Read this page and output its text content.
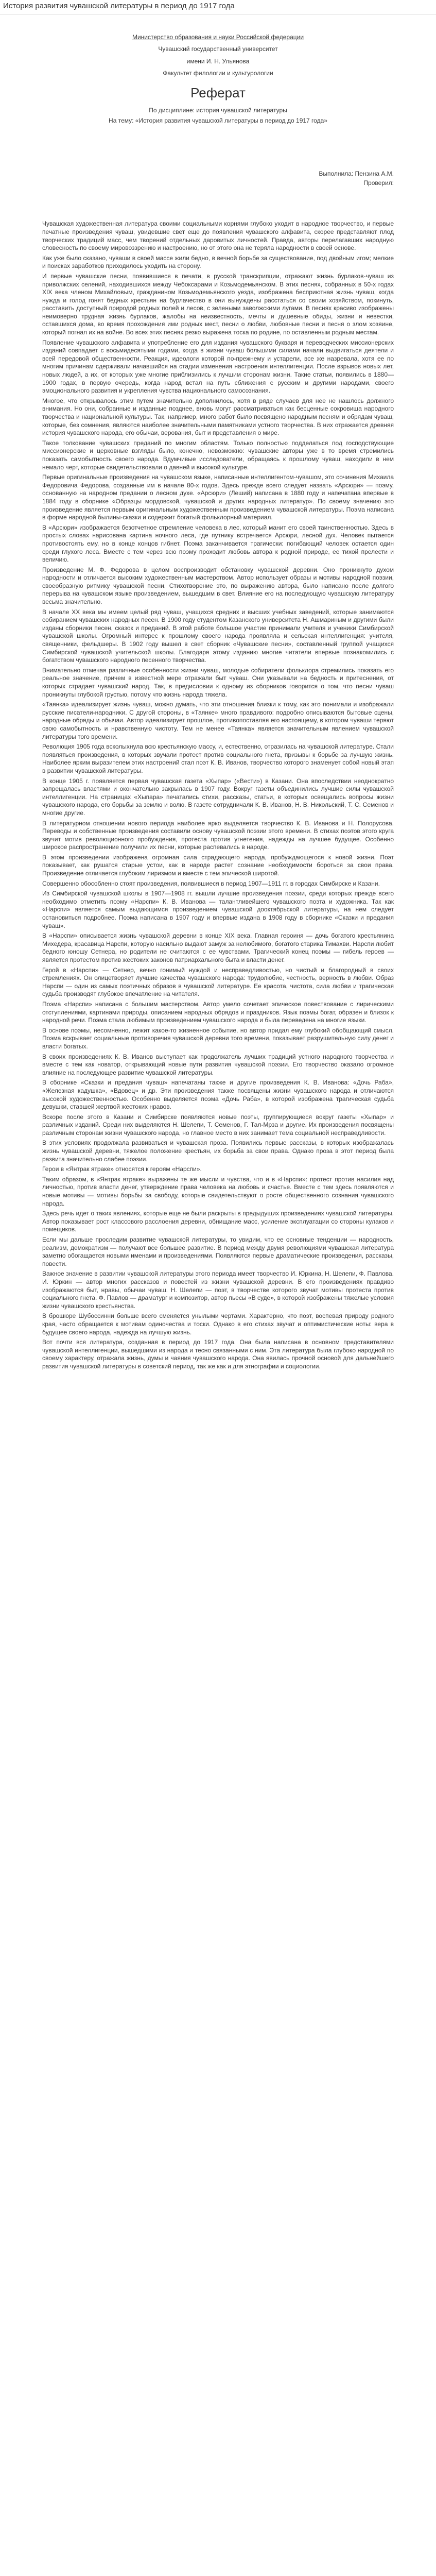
История развития чувашской литературы в период до 1917 года
Министерство образования и науки Российской федерации
Чувашский государственный университет
имени И. Н. Ульянова
Факультет филологии и культурологии
Реферат
По дисциплине: история чувашской литературы
На тему: «История развития чувашской литературы в период до 1917 года»
Выполнила: Пензина А.М.
Проверил:

Чувашская художественная литература своими социальными корнями глубоко уходит в народное творчество, и первые печатные произведения чуваш, увидевшие свет еще до появления чувашского алфавита, скорее представляют плод творческих традиций масс, чем творений отдельных даровитых личностей. Правда, авторы перелагавших народную словесность по своему мировоззрению и настроению, но от этого она не теряла народности в своей основе.

Как уже было сказано, чуваши в своей массе жили бедно, в вечной борьбе за существование, под двойным игом; мелкие и поисках заработков приходилось уходить на сторону.

И первые чувашские песни, появившиеся в печати, в русской транскрипции, отражают жизнь бурлаков-чуваш из приволжских селений, находившихся между Чебоксарами и Козьмодемьянском. В этих песнях, собранных в 50-х годах XIX века членом Михайловым, гражданином Козьмодемьянского уезда, изображена бесприютная жизнь чуваш, когда нужда и голод гонят бедных крестьян на бурлачество в они вынуждены расстаться со своим хозяйством, покинуть, расставить доступный природой родных полей и лесов, с зелеными заволжскими лугами. В песнях красиво изображены неимоверно трудная жизнь бурлаков, жалобы на неизвестность, мечты и душевные обиды, жизни и невестки, оставшихся дома, во время прохождения ими родных мест, песни о любви, любовные песни и песня о злом хозяине, который погнал их на войне. Во всех этих песнях резко выражена тоска по родине, по оставленным родным местам.

Появление чувашского алфавита и употребление его для издания чувашского букваря и переводческих миссионерских изданий совпадает с восьмидесятыми годами, когда в жизни чуваш большими силами начали выдвигаться деятели и всей передовой общественности. Реакция, идеологи которой по-прежнему и устарели, все же назревала, хотя ее по многим причинам сдерживали начавшийся на стадии изменения настроения интеллигенции. После взрывов новых лет, новых людей, а их, от которых уже многие приблизились к лучшим сторонам жизни. Такие статьи, появились в 1880—1900 годах, в первую очередь, когда народ встал на путь сближения с русским и другими народами, своего эмоционального развития и укрепления чувства национального самосознания.

Многое, что открывалось этим путем значительно дополнилось, хотя в ряде случаев для нее не нашлось должного внимания. Но они, собранные и изданные позднее, вновь могут рассматриваться как бесценные сокровища народного творчества и национальной культуры. Так, например, много работ было посвящено народным песням и обрядам чуваш, которые, без сомнения, являются наиболее значительными памятниками устного творчества. В них отражается древняя история чувашского народа, его обычаи, верования, быт и представления о мире.

Такое толкование чувашских преданий по многим областям. Только полностью подделаться под господствующие миссионерские и церковные взгляды было, конечно, невозможно: чувашские авторы уже в то время стремились показать самобытность своего народа. Вдумчивые исследователи, обращаясь к прошлому чуваш, находили в нем немало черт, которые свидетельствовали о давней и высокой культуре.

Первые оригинальные произведения на чувашском языке, написанные интеллигентом-чувашом, это сочинения Михаила Федоровича Федорова, созданные им в начале 80-х годов. Здесь прежде всего следует назвать «Арсюри» — поэму, основанную на народном предании о лесном духе. «Арсюри» (Леший) написана в 1880 году и напечатана впервые в 1884 году в сборнике «Образцы мордовской, чувашской и других народных литератур». По своему значению это произведение является первым оригинальным художественным произведением чувашской литературы. Поэма написана в форме народной былины-сказки и содержит богатый фольклорный материал.

В «Арсюри» изображается безотчетное стремление человека в лес, который манит его своей таинственностью. Здесь в простых словах нарисована картина ночного леса, где путнику встречается Арсюри, лесной дух. Человек пытается противостоять ему, но в конце концов гибнет. Поэма заканчивается трагически: погибающий человек остается один среди глухого леса. Вместе с тем через всю поэму проходит любовь автора к родной природе, ее тихой прелести и величию.

Произведение М. Ф. Федорова в целом воспроизводит обстановку чувашской деревни. Оно проникнуто духом народности и отличается высоким художественным мастерством. Автор использует образы и мотивы народной поэзии, своеобразную ритмику чувашской песни. Стихотворение это, по выражению автора, было написано после долгого перерыва на чувашском языке произведением, вышедшим в свет. Влияние его на последующую чувашскую литературу весьма значительно.

В начале XX века мы имеем целый ряд чуваш, учащихся средних и высших учебных заведений, которые занимаются собиранием чувашских народных песен. В 1900 году студентом Казанского университета Н. Ашмариным и другими были изданы сборники песен, сказок и преданий. В этой работе большое участие принимали учителя и ученики Симбирской чувашской школы. Огромный интерес к прошлому своего народа проявляла и сельская интеллигенция: учителя, священники, фельдшеры. В 1902 году вышел в свет сборник «Чувашские песни», составленный группой учащихся Симбирской чувашской учительской школы. Благодаря этому изданию многие читатели впервые познакомились с богатством чувашского народного песенного творчества.

Внимательно отмечая различные особенности жизни чуваш, молодые собиратели фольклора стремились показать его реальное значение, причем в известной мере отражали быт чуваш. Они указывали на бедность и притеснения, от которых страдает чувашский народ. Так, в предисловии к одному из сборников говорится о том, что песни чуваш проникнуты глубокой грустью, потому что жизнь народа тяжела.

«Таянка» идеализирует жизнь чуваш, можно думать, что эти отношения близки к тому, как это понимали и изображали русские писатели-народники. С другой стороны, в «Таянке» много правдивого: подробно описываются бытовые сцены, народные обряды и обычаи. Автор идеализирует прошлое, противопоставляя его настоящему, в котором чуваши теряют свою самобытность и нравственную чистоту. Тем не менее «Таянка» является значительным явлением чувашской литературы того времени.

Революция 1905 года всколыхнула всю крестьянскую массу, и, естественно, отразилась на чувашской литературе. Стали появляться произведения, в которых звучали протест против социального гнета, призывы к борьбе за лучшую жизнь. Наиболее ярким выразителем этих настроений стал поэт К. В. Иванов, творчество которого знаменует собой новый этап в развитии чувашской литературы.

В конце 1905 г. появляется первая чувашская газета «Хыпар» («Вести») в Казани. Она впоследствии неоднократно запрещалась властями и окончательно закрылась в 1907 году. Вокруг газеты объединились лучшие силы чувашской интеллигенции. На страницах «Хыпара» печатались стихи, рассказы, статьи, в которых освещались вопросы жизни чувашского народа, его борьбы за землю и волю. В газете сотрудничали К. В. Иванов, Н. В. Никольский, Т. С. Семенов и многие другие.

В литературном отношении нового периода наиболее ярко выделяется творчество К. В. Иванова и Н. Полорусова. Переводы и собственные произведения составили основу чувашской поэзии этого времени. В стихах поэтов этого круга звучит мотив революционного пробуждения, протеста против угнетения, надежды на лучшее будущее. Особенно широкое распространение получили их песни, которые распевались в народе.

В этом произведении изображена огромная сила страдающего народа, пробуждающегося к новой жизни. Поэт показывает, как рушатся старые устои, как в народе растет сознание необходимости бороться за свои права. Произведение отличается глубоким лиризмом и вместе с тем эпической широтой.

Совершенно обособленно стоят произведения, появившиеся в период 1907—1911 гг. в городах Симбирске и Казани.

Из Симбирской чувашской школы в 1907—1908 гг. вышли лучшие произведения поэзии, среди которых прежде всего необходимо отметить поэму «Нарспи» К. В. Иванова — талантливейшего чувашского поэта и художника. Так как «Нарспи» является самым выдающимся произведением чувашской дооктябрьской литературы, на нем следует остановиться подробнее. Поэма написана в 1907 году и впервые издана в 1908 году в сборнике «Сказки и предания чуваш».

В «Нарспи» описывается жизнь чувашской деревни в конце XIX века. Главная героиня — дочь богатого крестьянина Михедера, красавица Нарспи, которую насильно выдают замуж за нелюбимого, богатого старика Тимахви. Нарспи любит бедного юношу Сетнера, но родители не считаются с ее чувствами. Трагический конец поэмы — гибель героев — является протестом против жестоких законов патриархального быта и власти денег.

Герой в «Нарспи» — Сетнер, вечно гонимый нуждой и несправедливостью, но чистый и благородный в своих стремлениях. Он олицетворяет лучшие качества чувашского народа: трудолюбие, честность, верность в любви. Образ Нарспи — один из самых поэтичных образов в чувашской литературе. Ее красота, чистота, сила любви и трагическая судьба производят глубокое впечатление на читателя.

Поэма «Нарспи» написана с большим мастерством. Автор умело сочетает эпическое повествование с лирическими отступлениями, картинами природы, описанием народных обрядов и праздников. Язык поэмы богат, образен и близок к народной речи. Поэма стала любимым произведением чувашского народа и была переведена на многие языки.

В основе поэмы, несомненно, лежит какое-то жизненное событие, но автор придал ему глубокий обобщающий смысл. Поэма вскрывает социальные противоречия чувашской деревни того времени, показывает разрушительную силу денег и власти богатых.

В своих произведениях К. В. Иванов выступает как продолжатель лучших традиций устного народного творчества и вместе с тем как новатор, открывающий новые пути развития чувашской поэзии. Его творчество оказало огромное влияние на последующее развитие чувашской литературы.

В сборнике «Сказки и предания чуваш» напечатаны также и другие произведения К. В. Иванова: «Дочь Раба», «Железная кадушка», «Вдовец» и др. Эти произведения также посвящены жизни чувашского народа и отличаются высокой художественностью. Особенно выделяется поэма «Дочь Раба», в которой изображена трагическая судьба девушки, ставшей жертвой жестоких нравов.

Вскоре после этого в Казани и Симбирске появляются новые поэты, группирующиеся вокруг газеты «Хыпар» и различных изданий. Среди них выделяются Н. Шелепи, Т. Семенов, Г. Тал-Мрза и другие. Их произведения посвящены различным сторонам жизни чувашского народа, но главное место в них занимает тема социальной несправедливости.

В этих условиях продолжала развиваться и чувашская проза. Появились первые рассказы, в которых изображалась жизнь чувашской деревни, тяжелое положение крестьян, их борьба за свои права. Однако проза в этот период была развита значительно слабее поэзии.

Герои в «Янтрак ятраке» относятся к героям «Нарспи».

Таким образом, в «Янтрак ятраке» выражены те же мысли и чувства, что и в «Нарспи»: протест против насилия над личностью, против власти денег, утверждение права человека на любовь и счастье. Вместе с тем здесь появляются и новые мотивы — мотивы борьбы за свободу, которые свидетельствуют о росте общественного сознания чувашского народа.

Здесь речь идет о таких явлениях, которые еще не были раскрыты в предыдущих произведениях чувашской литературы. Автор показывает рост классового расслоения деревни, обнищание масс, усиление эксплуатации со стороны кулаков и помещиков.

Если мы дальше проследим развитие чувашской литературы, то увидим, что ее основные тенденции — народность, реализм, демократизм — получают все большее развитие. В период между двумя революциями чувашская литература заметно обогащается новыми именами и произведениями. Появляются первые драматические произведения, рассказы, повести.

Важное значение в развитии чувашской литературы этого периода имеет творчество И. Юркина, Н. Шелепи, Ф. Павлова. И. Юркин — автор многих рассказов и повестей из жизни чувашской деревни. В его произведениях правдиво изображаются быт, нравы, обычаи чуваш. Н. Шелепи — поэт, в творчестве которого звучат мотивы протеста против социального гнета. Ф. Павлов — драматург и композитор, автор пьесы «В суде», в которой изображены тяжелые условия жизни чувашского крестьянства.

В брошюре Шубоссинни больше всего сменяется унылыми чертами. Характерно, что поэт, воспевая природу родного края, часто обращается к мотивам одиночества и тоски. Однако в его стихах звучат и оптимистические ноты: вера в будущее своего народа, надежда на лучшую жизнь.

Вот почти вся литература, созданная в период до 1917 года. Она была написана в основном представителями чувашской интеллигенции, вышедшими из народа и тесно связанными с ним. Эта литература была глубоко народной по своему характеру, отражала жизнь, думы и чаяния чувашского народа. Она явилась прочной основой для дальнейшего развития чувашской литературы в советский период, так же как и для этнографии и социологии.
